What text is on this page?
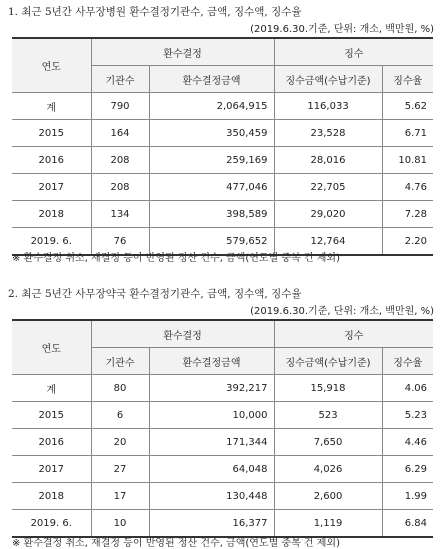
1. 최근 5년간 사무장병원 환수결정기관수, 금액, 징수액, 징수율
(2019.6.30.기준, 단위: 개소, 백만원, %)
연도	환수결정		징수	
	기관수	환수결정금액	징수금액(수납기준)	징수율
계	790	2,064,915	116,033	5.62
2015	164	350,459	23,528	6.71
2016	208	259,169	28,016	10.81
2017	208	477,046	22,705	4.76
2018	134	398,589	29,020	7.28
2019. 6.	76	579,652	12,764	2.20
※ 환수결정 취소, 재결정 등이 반영된 정산 건수, 금액(연도별 중복 건 제외)
2. 최근 5년간 사무장약국 환수결정기관수, 금액, 징수액, 징수율
(2019.6.30.기준, 단위: 개소, 백만원, %)
연도	환수결정		징수	
	기관수	환수결정금액	징수금액(수납기준)	징수율
계	80	392,217	15,918	4.06
2015	6	10,000	523	5.23
2016	20	171,344	7,650	4.46
2017	27	64,048	4,026	6.29
2018	17	130,448	2,600	1.99
2019. 6.	10	16,377	1,119	6.84
※ 환수결정 취소, 재결정 등이 반영된 정산 건수, 금액(연도별 중복 건 제외)
